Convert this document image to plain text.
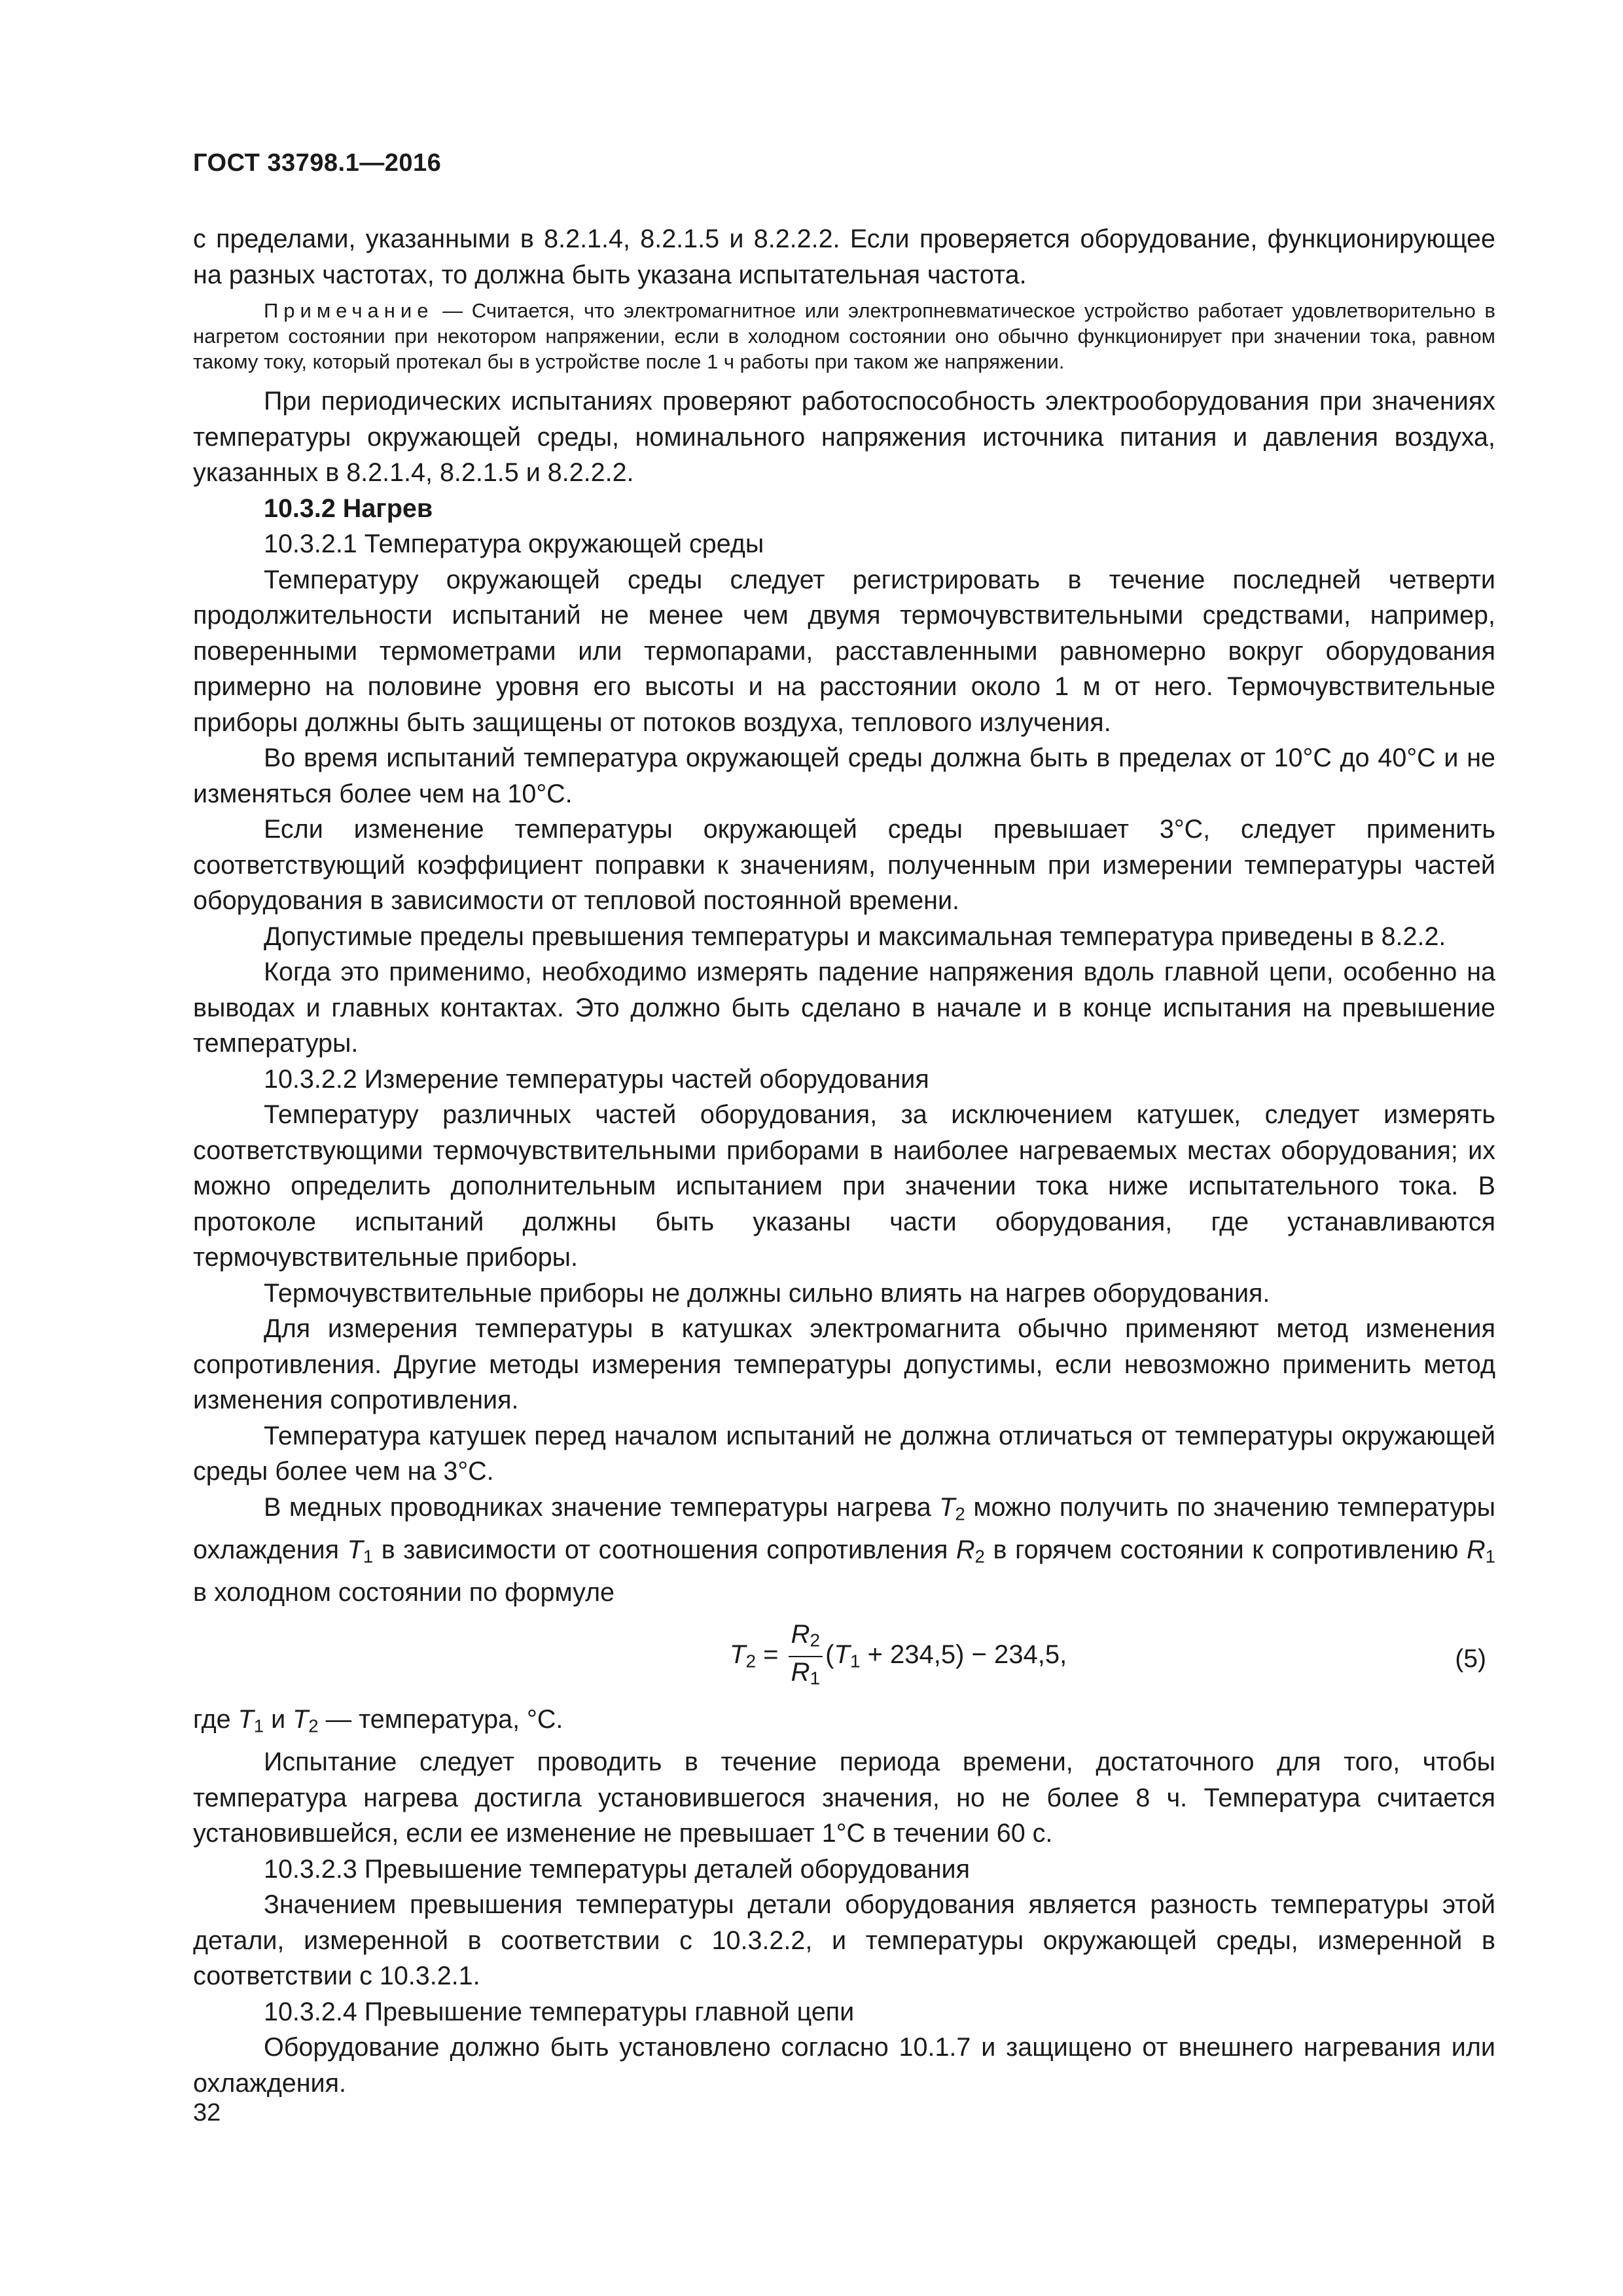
ГОСТ 33798.1—2016

с пределами, указанными в 8.2.1.4, 8.2.1.5 и 8.2.2.2. Если проверяется оборудование, функционирующее на разных частотах, то должна быть указана испытательная частота.

Примечание — Считается, что электромагнитное или электропневматическое устройство работает удовлетворительно в нагретом состоянии при некотором напряжении, если в холодном состоянии оно обычно функционирует при значении тока, равном такому току, который протекал бы в устройстве после 1 ч работы при таком же напряжении.

При периодических испытаниях проверяют работоспособность электрооборудования при значениях температуры окружающей среды, номинального напряжения источника питания и давления воздуха, указанных в 8.2.1.4, 8.2.1.5 и 8.2.2.2.

10.3.2 Нагрев

10.3.2.1 Температура окружающей среды

Температуру окружающей среды следует регистрировать в течение последней четверти продолжительности испытаний не менее чем двумя термочувствительными средствами, например, поверенными термометрами или термопарами, расставленными равномерно вокруг оборудования примерно на половине уровня его высоты и на расстоянии около 1 м от него. Термочувствительные приборы должны быть защищены от потоков воздуха, теплового излучения.

Во время испытаний температура окружающей среды должна быть в пределах от 10°С до 40°С и не изменяться более чем на 10°С.

Если изменение температуры окружающей среды превышает 3°С, следует применить соответствующий коэффициент поправки к значениям, полученным при измерении температуры частей оборудования в зависимости от тепловой постоянной времени.

Допустимые пределы превышения температуры и максимальная температура приведены в 8.2.2.

Когда это применимо, необходимо измерять падение напряжения вдоль главной цепи, особенно на выводах и главных контактах. Это должно быть сделано в начале и в конце испытания на превышение температуры.

10.3.2.2 Измерение температуры частей оборудования

Температуру различных частей оборудования, за исключением катушек, следует измерять соответствующими термочувствительными приборами в наиболее нагреваемых местах оборудования; их можно определить дополнительным испытанием при значении тока ниже испытательного тока. В протоколе испытаний должны быть указаны части оборудования, где устанавливаются термочувствительные приборы.

Термочувствительные приборы не должны сильно влиять на нагрев оборудования.

Для измерения температуры в катушках электромагнита обычно применяют метод изменения сопротивления. Другие методы измерения температуры допустимы, если невозможно применить метод изменения сопротивления.

Температура катушек перед началом испытаний не должна отличаться от температуры окружающей среды более чем на 3°С.

В медных проводниках значение температуры нагрева $T_2$ можно получить по значению температуры охлаждения $T_1$ в зависимости от соотношения сопротивления $R_2$ в горячем состоянии к сопротивлению $R_1$ в холодном состоянии по формуле

$T_2 = \frac{R_2}{R_1} (T_1 + 234,5) - 234,5$,	(5)

где $T_1$ и $T_2$ — температура, °С.

Испытание следует проводить в течение периода времени, достаточного для того, чтобы температура нагрева достигла установившегося значения, но не более 8 ч. Температура считается установившейся, если ее изменение не превышает 1°С в течении 60 с.

10.3.2.3 Превышение температуры деталей оборудования

Значением превышения температуры детали оборудования является разность температуры этой детали, измеренной в соответствии с 10.3.2.2, и температуры окружающей среды, измеренной в соответствии с 10.3.2.1.

10.3.2.4 Превышение температуры главной цепи

Оборудование должно быть установлено согласно 10.1.7 и защищено от внешнего нагревания или охлаждения.

32
